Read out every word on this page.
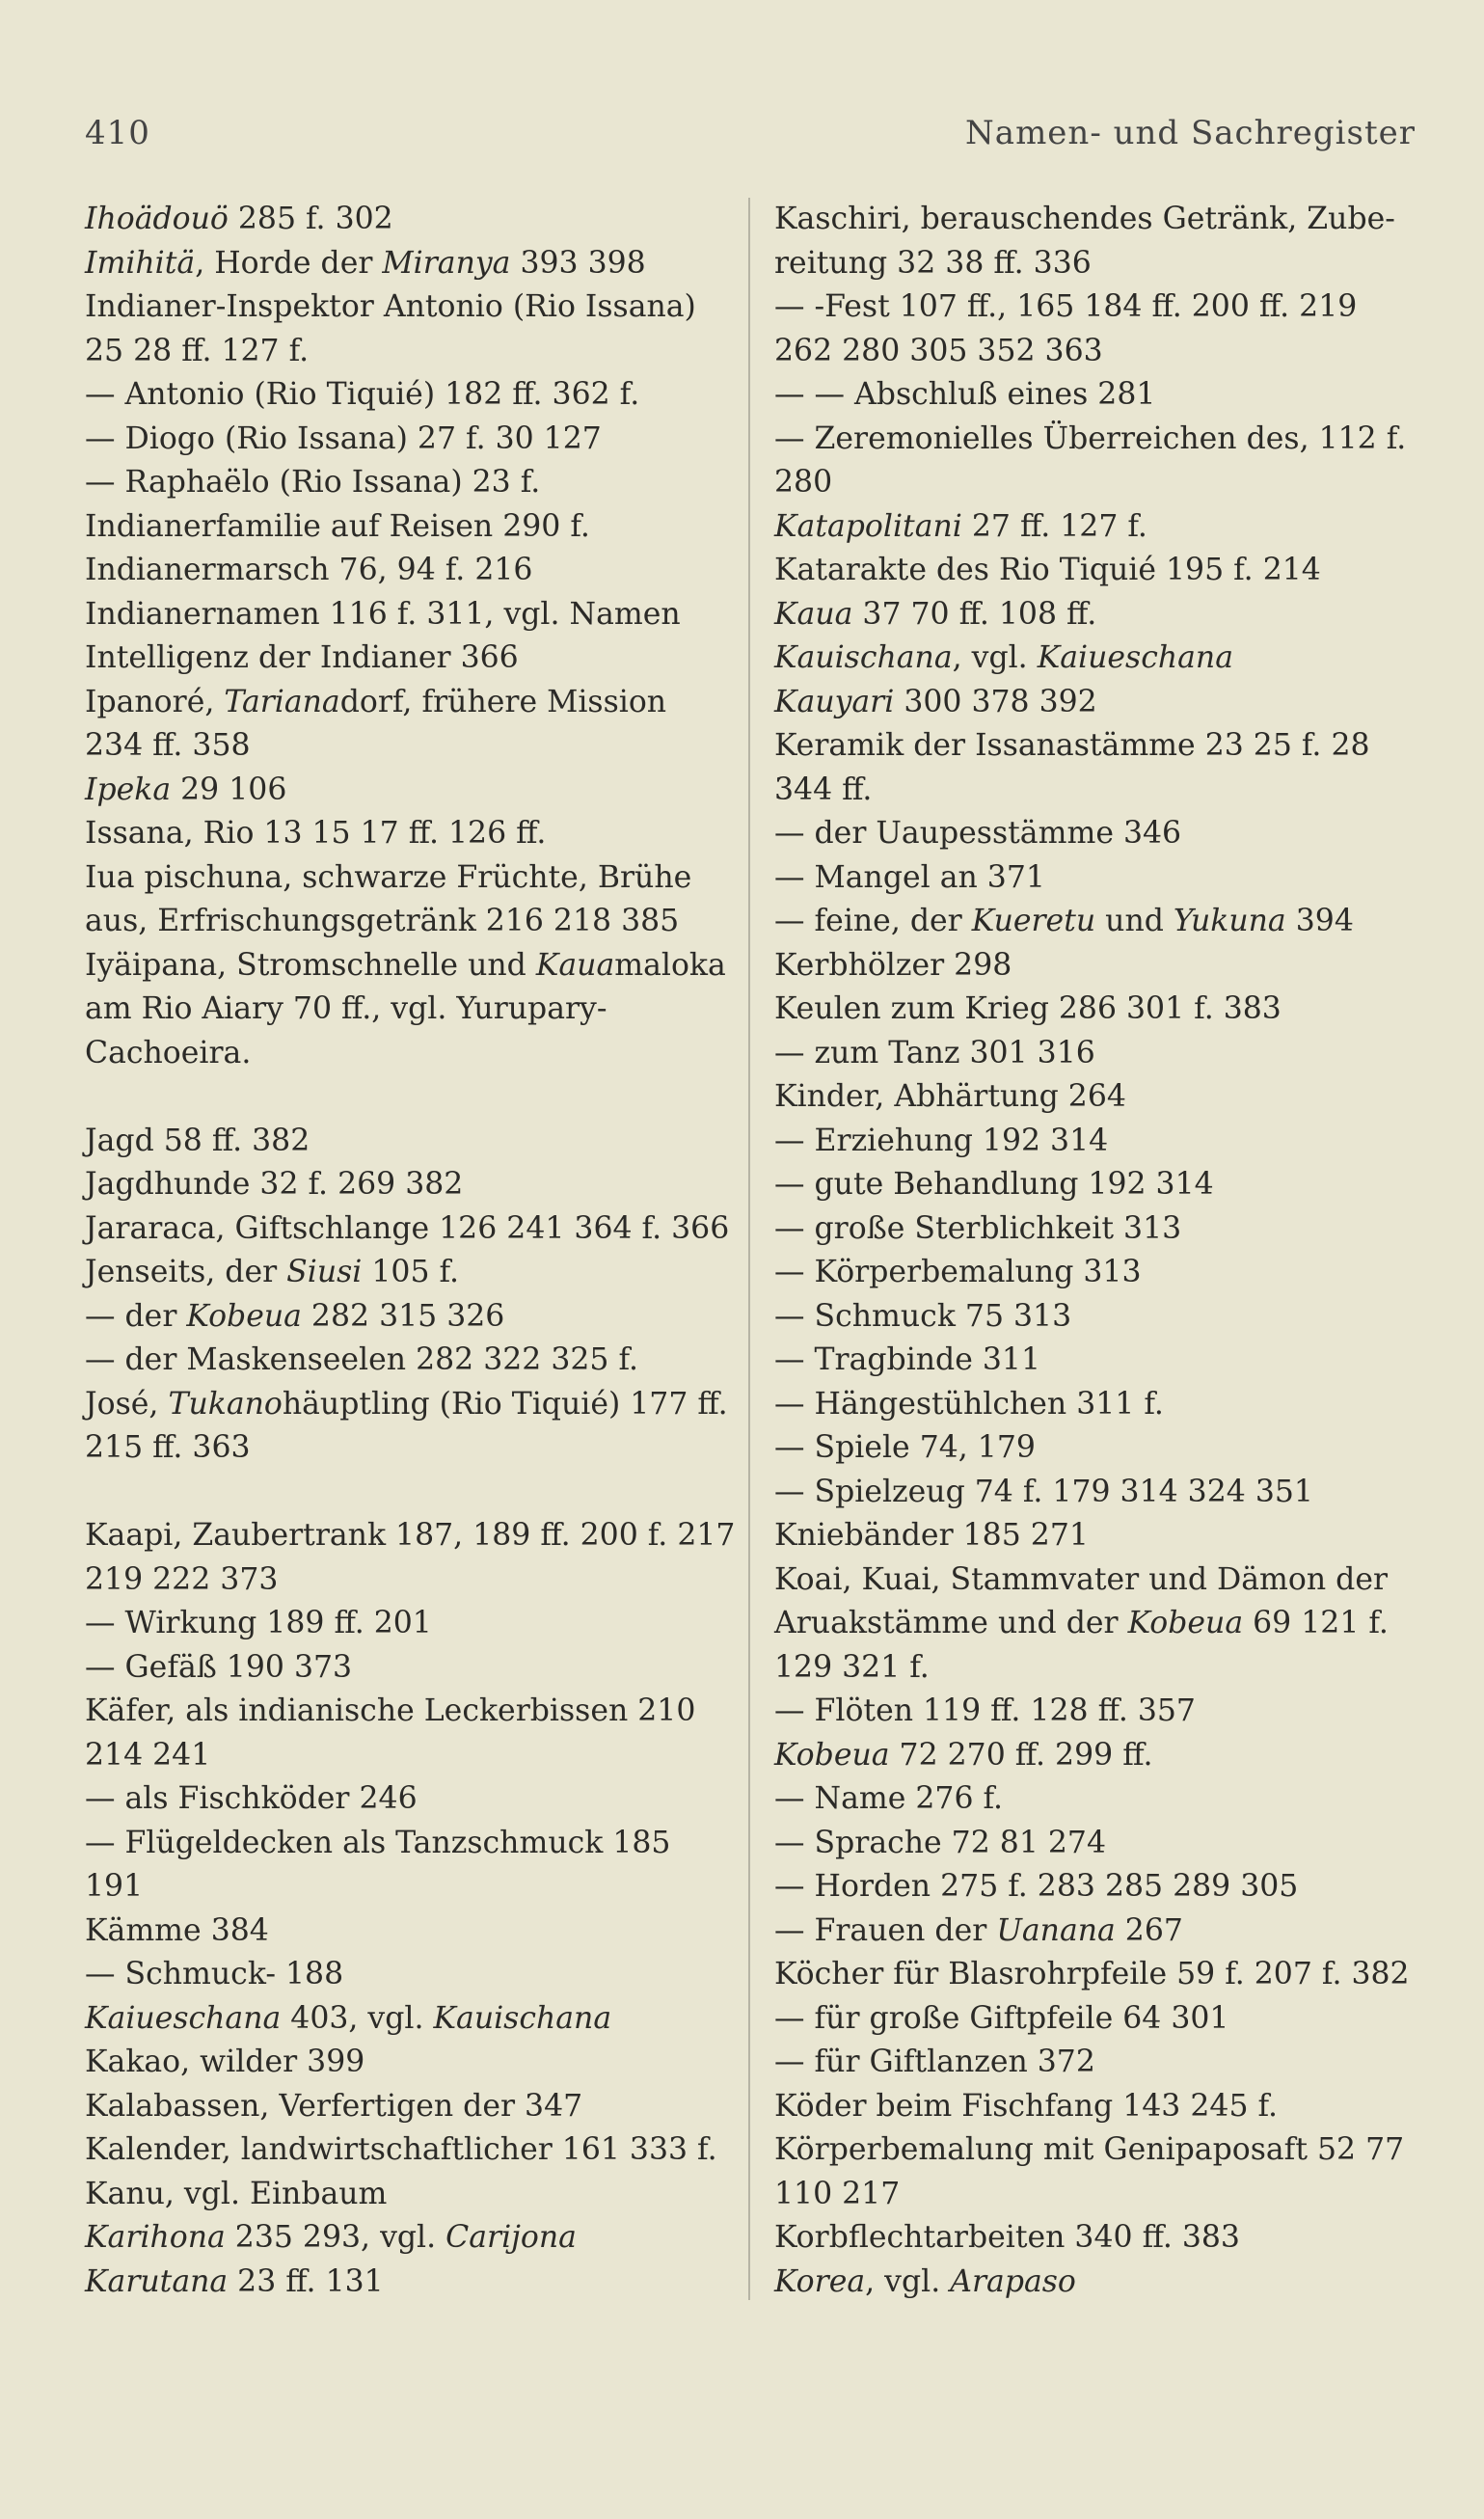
410	Namen- und Sachregister
Ihoädouö 285 f. 302
Imihitä, Horde der Miranya 393 398
Indianer-Inspektor Antonio (Rio Issana)
25 28 ff. 127 f.
— Antonio (Rio Tiquié) 182 ff. 362 f.
— Diogo (Rio Issana) 27 f. 30 127
— Raphaëlo (Rio Issana) 23 f.
Indianerfamilie auf Reisen 290 f.
Indianermarsch 76, 94 f. 216
Indianernamen 116 f. 311, vgl. Namen
Intelligenz der Indianer 366
Ipanoré, Tarianadorf, frühere Mission
234 ff. 358
Ipeka 29 106
Issana, Rio 13 15 17 ff. 126 ff.
Iua pischuna, schwarze Früchte, Brühe
aus, Erfrischungsgetränk 216 218 385
Iyäipana, Stromschnelle und Kauamaloka
am Rio Aiary 70 ff., vgl. Yurupary-
Cachoeira.
Jagd 58 ff. 382
Jagdhunde 32 f. 269 382
Jararaca, Giftschlange 126 241 364 f. 366
Jenseits, der Siusi 105 f.
— der Kobeua 282 315 326
— der Maskenseelen 282 322 325 f.
José, Tukanohäuptling (Rio Tiquié) 177 ff.
215 ff. 363
Kaapi, Zaubertrank 187, 189 ff. 200 f. 217
219 222 373
— Wirkung 189 ff. 201
— Gefäß 190 373
Käfer, als indianische Leckerbissen 210
214 241
— als Fischköder 246
— Flügeldecken als Tanzschmuck 185
191
Kämme 384
— Schmuck- 188
Kaiueschana 403, vgl. Kauischana
Kakao, wilder 399
Kalabassen, Verfertigen der 347
Kalender, landwirtschaftlicher 161 333 f.
Kanu, vgl. Einbaum
Karihona 235 293, vgl. Carijona
Karutana 23 ff. 131
Kaschiri, berauschendes Getränk, Zube-
reitung 32 38 ff. 336
— -Fest 107 ff., 165 184 ff. 200 ff. 219
262 280 305 352 363
— — Abschluß eines 281
— Zeremonielles Überreichen des, 112 f.
280
Katapolitani 27 ff. 127 f.
Katarakte des Rio Tiquié 195 f. 214
Kaua 37 70 ff. 108 ff.
Kauischana, vgl. Kaiueschana
Kauyari 300 378 392
Keramik der Issanastämme 23 25 f. 28
344 ff.
— der Uaupesstämme 346
— Mangel an 371
— feine, der Kueretu und Yukuna 394
Kerbhölzer 298
Keulen zum Krieg 286 301 f. 383
— zum Tanz 301 316
Kinder, Abhärtung 264
— Erziehung 192 314
— gute Behandlung 192 314
— große Sterblichkeit 313
— Körperbemalung 313
— Schmuck 75 313
— Tragbinde 311
— Hängestühlchen 311 f.
— Spiele 74, 179
— Spielzeug 74 f. 179 314 324 351
Kniebänder 185 271
Koai, Kuai, Stammvater und Dämon der
Aruakstämme und der Kobeua 69 121 f.
129 321 f.
— Flöten 119 ff. 128 ff. 357
Kobeua 72 270 ff. 299 ff.
— Name 276 f.
— Sprache 72 81 274
— Horden 275 f. 283 285 289 305
— Frauen der Uanana 267
Köcher für Blasrohrpfeile 59 f. 207 f. 382
— für große Giftpfeile 64 301
— für Giftlanzen 372
Köder beim Fischfang 143 245 f.
Körperbemalung mit Genipaposaft 52 77
110 217
Korbflechtarbeiten 340 ff. 383
Korea, vgl. Arapaso
